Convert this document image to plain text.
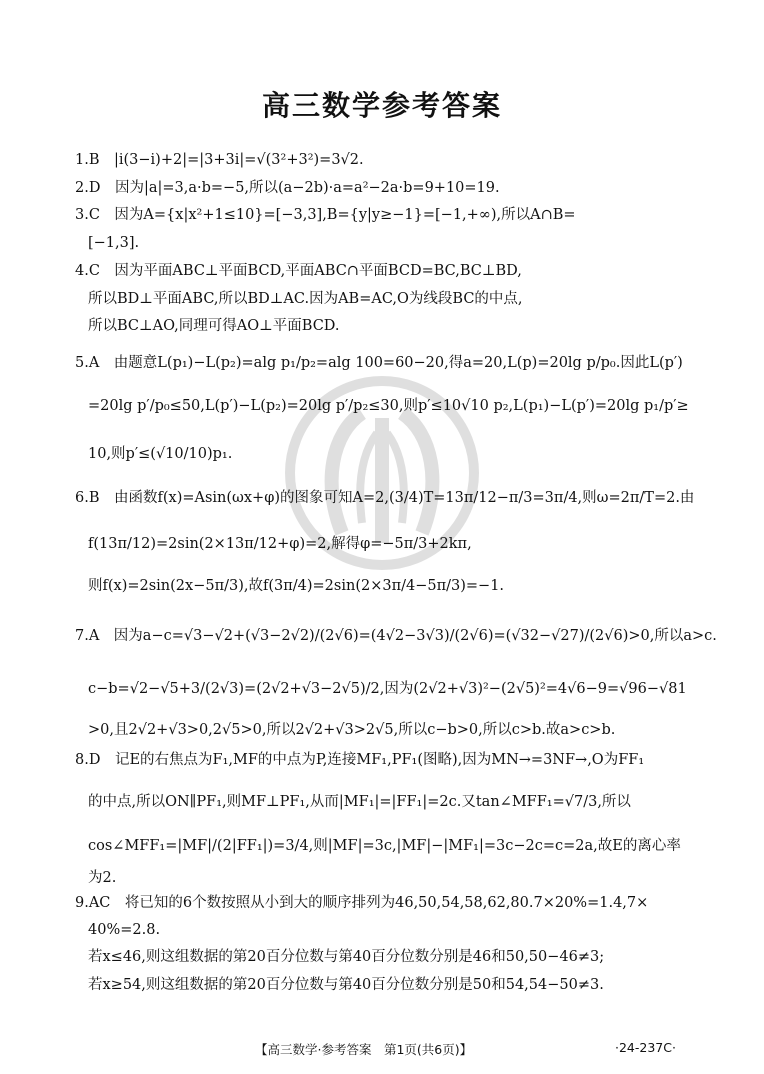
高三数学参考答案
1.B　|i(3−i)+2|=|3+3i|=√(3²+3²)=3√2.
2.D　因为|a|=3,a·b=−5,所以(a−2b)·a=a²−2a·b=9+10=19.
3.C　因为A={x|x²+1≤10}=[−3,3],B={y|y≥−1}=[−1,+∞),所以A∩B=
[−1,3].
4.C　因为平面ABC⊥平面BCD,平面ABC∩平面BCD=BC,BC⊥BD,
所以BD⊥平面ABC,所以BD⊥AC.因为AB=AC,O为线段BC的中点,
所以BC⊥AO,同理可得AO⊥平面BCD.
5.A　由题意L(p₁)−L(p₂)=alg p₁/p₂=alg 100=60−20,得a=20,L(p)=20lg p/p₀.因此L(p′)
=20lg p′/p₀≤50,L(p′)−L(p₂)=20lg p′/p₂≤30,则p′≤10√10 p₂,L(p₁)−L(p′)=20lg p₁/p′≥
10,则p′≤(√10/10)p₁.
6.B　由函数f(x)=Asin(ωx+φ)的图象可知A=2,(3/4)T=13π/12−π/3=3π/4,则ω=2π/T=2.由
f(13π/12)=2sin(2×13π/12+φ)=2,解得φ=−5π/3+2kπ,
则f(x)=2sin(2x−5π/3),故f(3π/4)=2sin(2×3π/4−5π/3)=−1.
7.A　因为a−c=√3−√2+(√3−2√2)/(2√6)=(4√2−3√3)/(2√6)=(√32−√27)/(2√6)>0,所以a>c.
c−b=√2−√5+3/(2√3)=(2√2+√3−2√5)/2,因为(2√2+√3)²−(2√5)²=4√6−9=√96−√81
>0,且2√2+√3>0,2√5>0,所以2√2+√3>2√5,所以c−b>0,所以c>b.故a>c>b.
8.D　记E的右焦点为F₁,MF的中点为P,连接MF₁,PF₁(图略),因为MN→=3NF→,O为FF₁
的中点,所以ON∥PF₁,则MF⊥PF₁,从而|MF₁|=|FF₁|=2c.又tan∠MFF₁=√7/3,所以
cos∠MFF₁=|MF|/(2|FF₁|)=3/4,则|MF|=3c,|MF|−|MF₁|=3c−2c=c=2a,故E的离心率
为2.
9.AC　将已知的6个数按照从小到大的顺序排列为46,50,54,58,62,80.7×20%=1.4,7×
40%=2.8.
若x≤46,则这组数据的第20百分位数与第40百分位数分别是46和50,50−46≠3;
若x≥54,则这组数据的第20百分位数与第40百分位数分别是50和54,54−50≠3.
【高三数学·参考答案　第1页(共6页)】	·24-237C·
